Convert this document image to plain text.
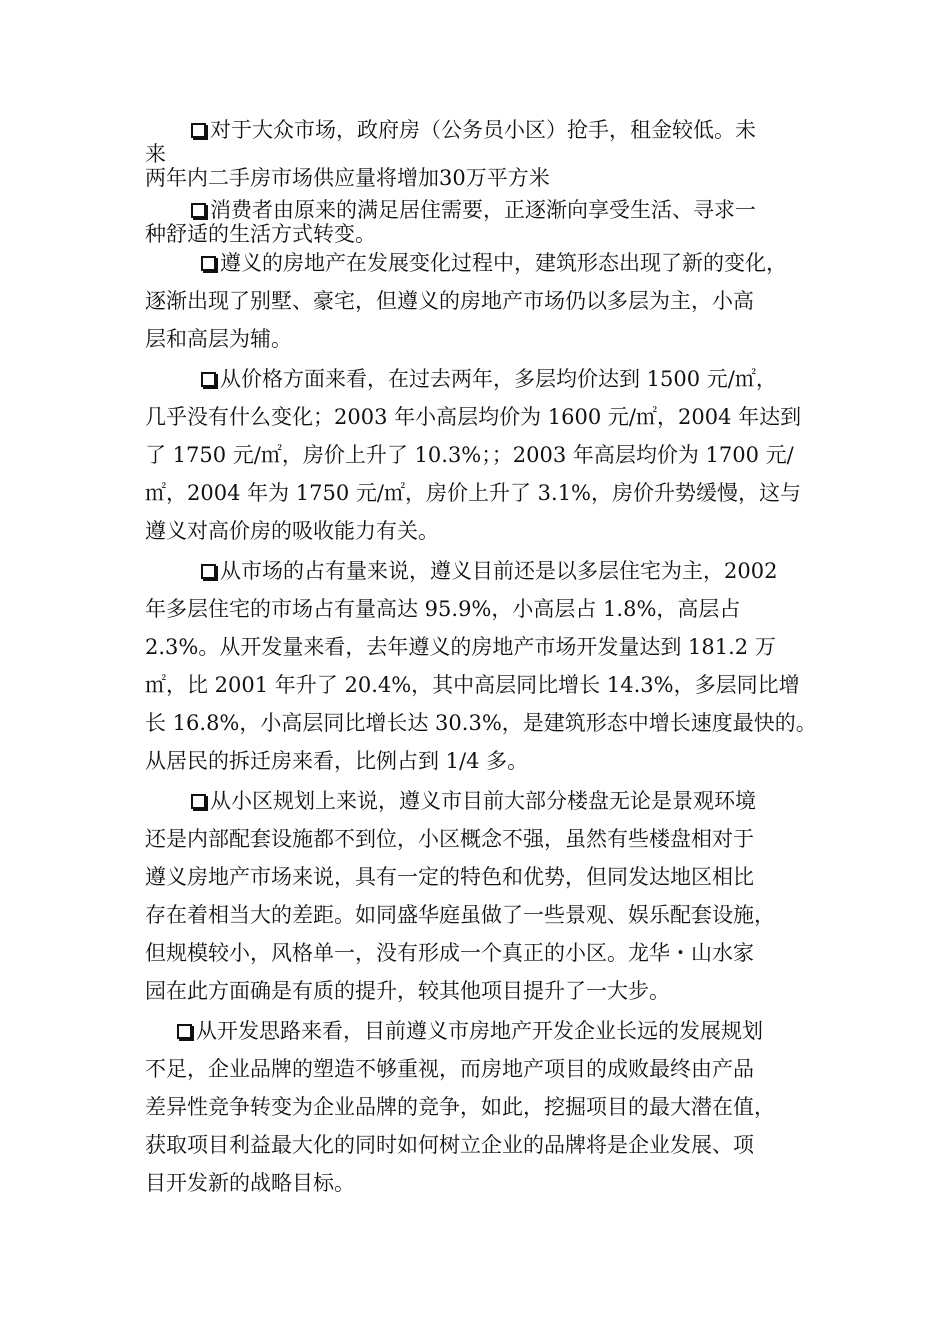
对于大众市场，政府房（公务员小区）抢手，租金较低。未
来
两年内二手房市场供应量将增加30万平方米
消费者由原来的满足居住需要，正逐渐向享受生活、寻求一
种舒适的生活方式转变。
遵义的房地产在发展变化过程中，建筑形态出现了新的变化，
逐渐出现了别墅、豪宅，但遵义的房地产市场仍以多层为主，小高
层和高层为辅。
从价格方面来看，在过去两年，多层均价达到 1500 元/㎡，
几乎没有什么变化；2003 年小高层均价为 1600 元/㎡，2004 年达到
了 1750 元/㎡，房价上升了 10.3%；；2003 年高层均价为 1700 元/
㎡，2004 年为 1750 元/㎡，房价上升了 3.1%，房价升势缓慢，这与
遵义对高价房的吸收能力有关。
从市场的占有量来说，遵义目前还是以多层住宅为主，2002
年多层住宅的市场占有量高达 95.9%，小高层占 1.8%，高层占
2.3%。从开发量来看，去年遵义的房地产市场开发量达到 181.2 万
㎡，比 2001 年升了 20.4%，其中高层同比增长 14.3%，多层同比增
长 16.8%，小高层同比增长达 30.3%，是建筑形态中增长速度最快的。
从居民的拆迁房来看，比例占到 1/4 多。
从小区规划上来说，遵义市目前大部分楼盘无论是景观环境
还是内部配套设施都不到位，小区概念不强，虽然有些楼盘相对于
遵义房地产市场来说，具有一定的特色和优势，但同发达地区相比
存在着相当大的差距。如同盛华庭虽做了一些景观、娱乐配套设施，
但规模较小，风格单一，没有形成一个真正的小区。龙华・山水家
园在此方面确是有质的提升，较其他项目提升了一大步。
从开发思路来看，目前遵义市房地产开发企业长远的发展规划
不足，企业品牌的塑造不够重视，而房地产项目的成败最终由产品
差异性竞争转变为企业品牌的竞争，如此，挖掘项目的最大潜在值，
获取项目利益最大化的同时如何树立企业的品牌将是企业发展、项
目开发新的战略目标。
